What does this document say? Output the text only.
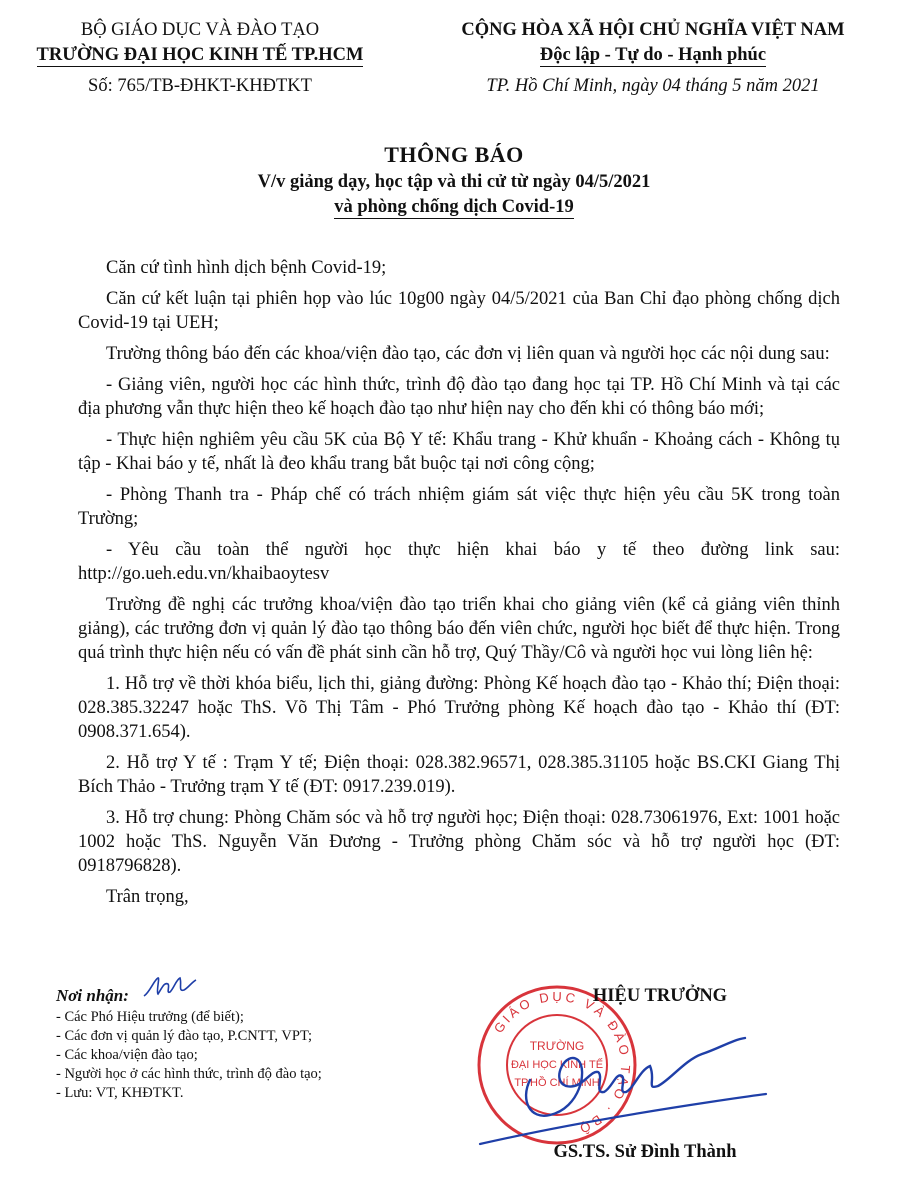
BỘ GIÁO DỤC VÀ ĐÀO TẠO
TRƯỜNG ĐẠI HỌC KINH TẾ TP.HCM
Số: 765/TB-ĐHKT-KHĐTKT
CỘNG HÒA XÃ HỘI CHỦ NGHĨA VIỆT NAM
Độc lập - Tự do - Hạnh phúc
TP. Hồ Chí Minh, ngày 04 tháng 5 năm 2021
THÔNG BÁO
V/v giảng dạy, học tập và thi cử từ ngày 04/5/2021
và phòng chống dịch Covid-19

Căn cứ tình hình dịch bệnh Covid-19;

Căn cứ kết luận tại phiên họp vào lúc 10g00 ngày 04/5/2021 của Ban Chỉ đạo phòng chống dịch Covid-19 tại UEH;

Trường thông báo đến các khoa/viện đào tạo, các đơn vị liên quan và người học các nội dung sau:

- Giảng viên, người học các hình thức, trình độ đào tạo đang học tại TP. Hồ Chí Minh và tại các địa phương vẫn thực hiện theo kế hoạch đào tạo như hiện nay cho đến khi có thông báo mới;

- Thực hiện nghiêm yêu cầu 5K của Bộ Y tế: Khẩu trang - Khử khuẩn - Khoảng cách - Không tụ tập - Khai báo y tế, nhất là đeo khẩu trang bắt buộc tại nơi công cộng;

- Phòng Thanh tra - Pháp chế có trách nhiệm giám sát việc thực hiện yêu cầu 5K trong toàn Trường;

- Yêu cầu toàn thể người học thực hiện khai báo y tế theo đường link sau: http://go.ueh.edu.vn/khaibaoytesv

Trường đề nghị các trưởng khoa/viện đào tạo triển khai cho giảng viên (kể cả giảng viên thỉnh giảng), các trưởng đơn vị quản lý đào tạo thông báo đến viên chức, người học biết để thực hiện. Trong quá trình thực hiện nếu có vấn đề phát sinh cần hỗ trợ, Quý Thầy/Cô và người học vui lòng liên hệ:

1. Hỗ trợ về thời khóa biểu, lịch thi, giảng đường: Phòng Kế hoạch đào tạo - Khảo thí; Điện thoại: 028.385.32247 hoặc ThS. Võ Thị Tâm - Phó Trưởng phòng Kế hoạch đào tạo - Khảo thí (ĐT: 0908.371.654).

2. Hỗ trợ Y tế : Trạm Y tế; Điện thoại: 028.382.96571, 028.385.31105 hoặc BS.CKI Giang Thị Bích Thảo - Trưởng trạm Y tế (ĐT: 0917.239.019).

3. Hỗ trợ chung: Phòng Chăm sóc và hỗ trợ người học; Điện thoại: 028.73061976, Ext: 1001 hoặc 1002 hoặc ThS. Nguyễn Văn Đương - Trưởng phòng Chăm sóc và hỗ trợ người học (ĐT: 0918796828).

Trân trọng,

Nơi nhận:
- Các Phó Hiệu trưởng (để biết);
- Các đơn vị quản lý đào tạo, P.CNTT, VPT;
- Các khoa/viện đào tạo;
- Người học ở các hình thức, trình độ đào tạo;
- Lưu: VT, KHĐTKT.
GIÁO DỤC VÀ ĐÀO TẠO · BỘ
TRƯỜNG
ĐẠI HỌC KINH TẾ
TP.HỒ CHÍ MINH
HIỆU TRƯỞNG
GS.TS. Sử Đình Thành
